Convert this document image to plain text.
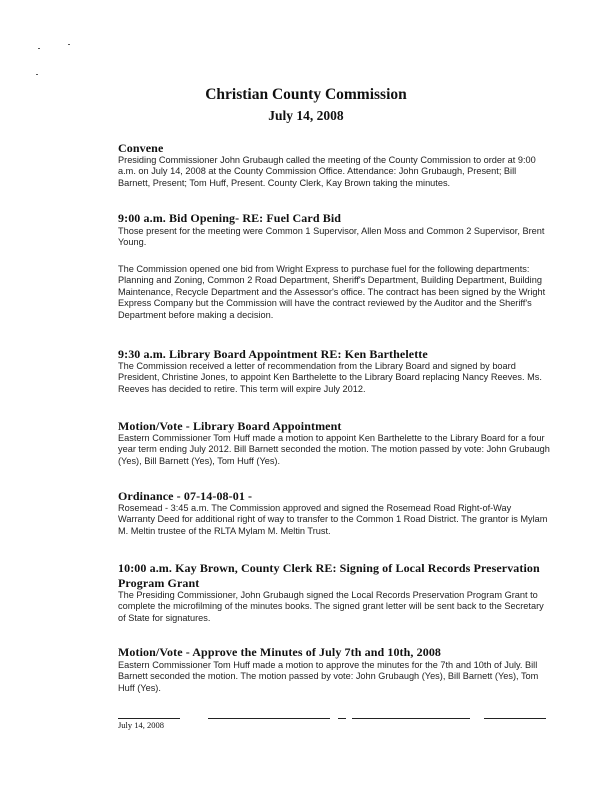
Christian County Commission
July 14, 2008
Convene
Presiding Commissioner John Grubaugh called the meeting of the County Commission to order at 9:00 a.m. on July 14, 2008 at the County Commission Office. Attendance: John Grubaugh, Present; Bill Barnett, Present; Tom Huff, Present. County Clerk, Kay Brown taking the minutes.
9:00 a.m. Bid Opening- RE: Fuel Card Bid
Those present for the meeting were Common 1 Supervisor, Allen Moss and Common 2 Supervisor, Brent Young.
The Commission opened one bid from Wright Express to purchase fuel for the following departments: Planning and Zoning, Common 2 Road Department, Sheriff's Department, Building Department, Building Maintenance, Recycle Department and the Assessor's office. The contract has been signed by the Wright Express Company but the Commission will have the contract reviewed by the Auditor and the Sheriff's Department before making a decision.
9:30 a.m. Library Board Appointment RE: Ken Barthelette
The Commission received a letter of recommendation from the Library Board and signed by board President, Christine Jones, to appoint Ken Barthelette to the Library Board replacing Nancy Reeves. Ms. Reeves has decided to retire. This term will expire July 2012.
Motion/Vote - Library Board Appointment
Eastern Commissioner Tom Huff made a motion to appoint Ken Barthelette to the Library Board for a four year term ending July 2012. Bill Barnett seconded the motion. The motion passed by vote: John Grubaugh (Yes), Bill Barnett (Yes), Tom Huff (Yes).
Ordinance - 07-14-08-01 -
Rosemead - 3:45 a.m. The Commission approved and signed the Rosemead Road Right-of-Way Warranty Deed for additional right of way to transfer to the Common 1 Road District. The grantor is Mylam M. Meltin trustee of the RLTA Mylam M. Meltin Trust.
10:00 a.m. Kay Brown, County Clerk RE: Signing of Local Records Preservation Program Grant
The Presiding Commissioner, John Grubaugh signed the Local Records Preservation Program Grant to complete the microfilming of the minutes books. The signed grant letter will be sent back to the Secretary of State for signatures.
Motion/Vote - Approve the Minutes of July 7th and 10th, 2008
Eastern Commissioner Tom Huff made a motion to approve the minutes for the 7th and 10th of July. Bill Barnett seconded the motion. The motion passed by vote: John Grubaugh (Yes), Bill Barnett (Yes), Tom Huff (Yes).
July 14, 2008
